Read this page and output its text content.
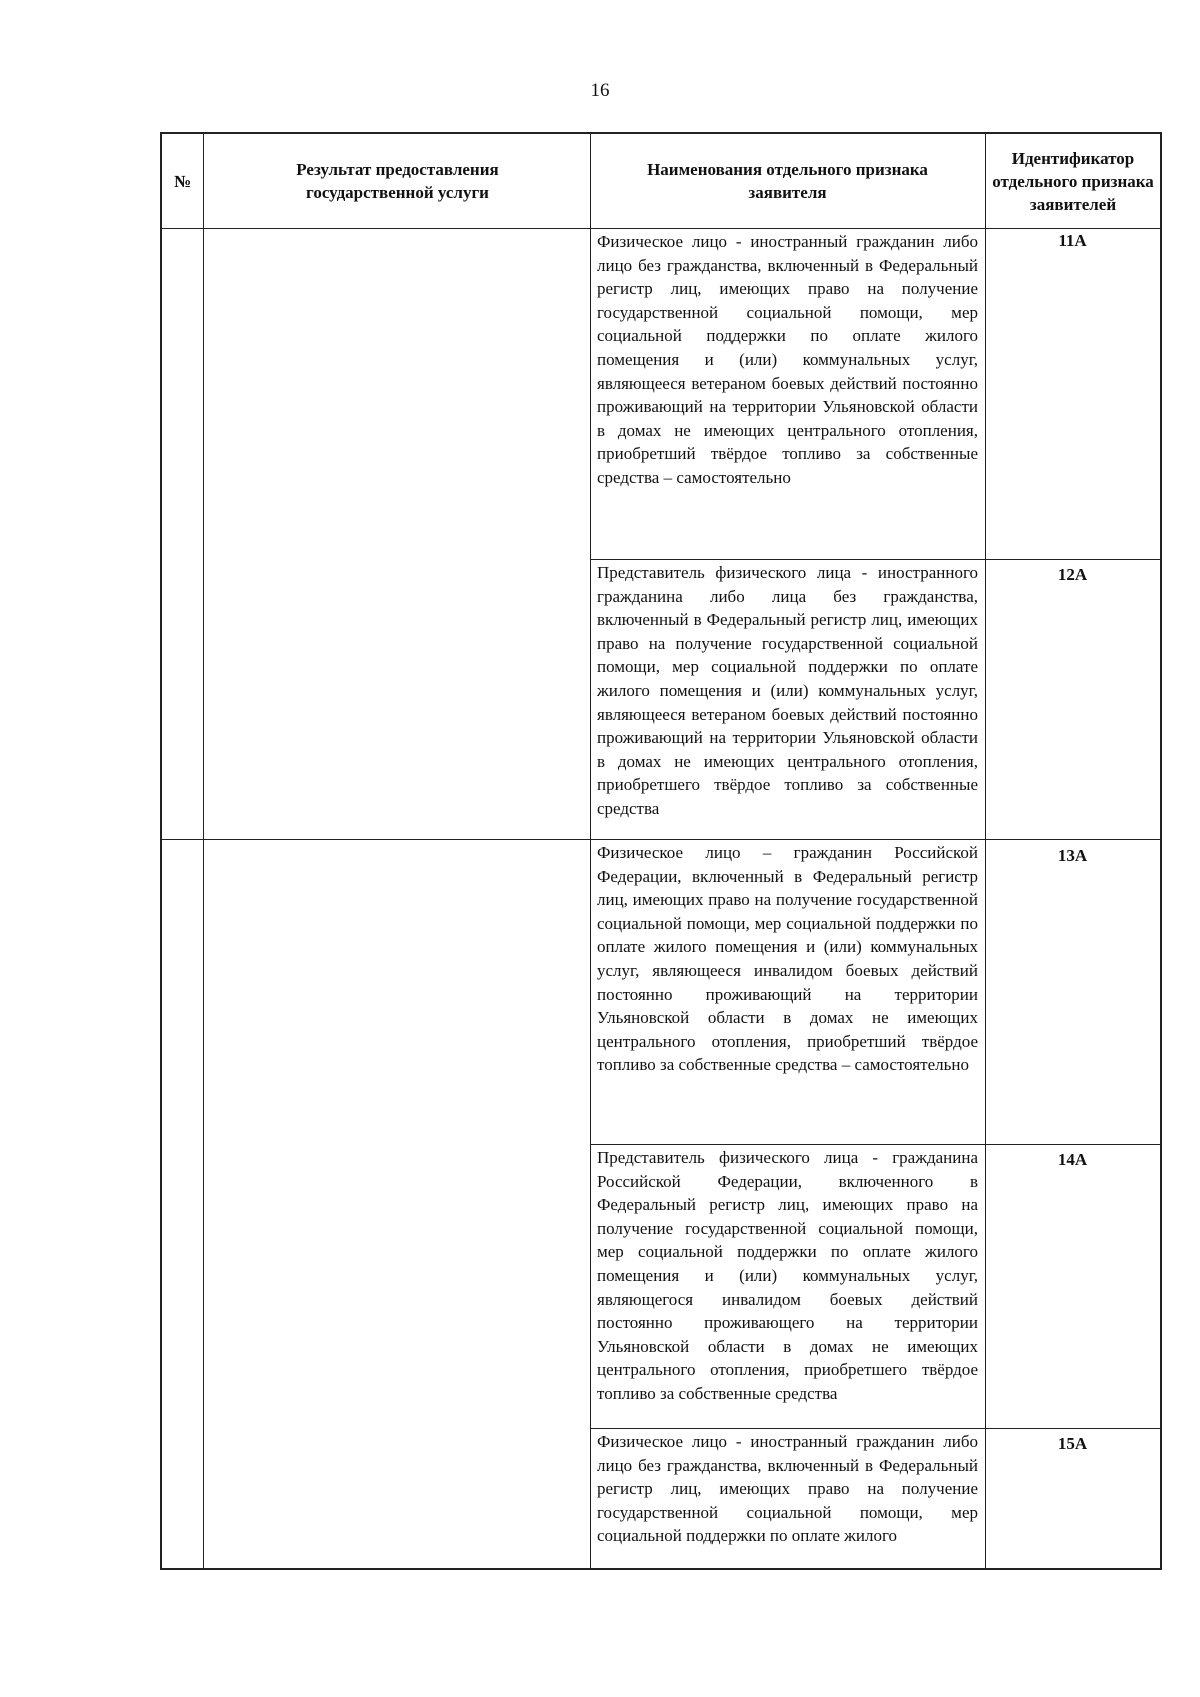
16
№
Результат предоставления государственной услуги
Наименования отдельного признака заявителя
Идентификатор отдельного признака заявителей
Физическое лицо - иностранный гражданин либо лицо без гражданства, включенный в Федеральный регистр лиц, имеющих право на получение государственной социальной помощи, мер социальной поддержки по оплате жилого помещения и (или) коммунальных услуг, являющееся ветераном боевых действий постоянно проживающий на территории Ульяновской области в домах не имеющих центрального отопления, приобретший твёрдое топливо за собственные средства – самостоятельно
11А
Представитель физического лица - иностранного гражданина либо лица без гражданства, включенный в Федеральный регистр лиц, имеющих право на получение государственной социальной помощи, мер социальной поддержки по оплате жилого помещения и (или) коммунальных услуг, являющееся ветераном боевых действий постоянно проживающий на территории Ульяновской области в домах не имеющих центрального отопления, приобретшего твёрдое топливо за собственные средства
12А
Физическое лицо – гражданин Российской Федерации, включенный в Федеральный регистр лиц, имеющих право на получение государственной социальной помощи, мер социальной поддержки по оплате жилого помещения и (или) коммунальных услуг, являющееся инвалидом боевых действий постоянно проживающий на территории Ульяновской области в домах не имеющих центрального отопления, приобретший твёрдое топливо за собственные средства – самостоятельно
13А
Представитель физического лица - гражданина Российской Федерации, включенного в Федеральный регистр лиц, имеющих право на получение государственной социальной помощи, мер социальной поддержки по оплате жилого помещения и (или) коммунальных услуг, являющегося инвалидом боевых действий постоянно проживающего на территории Ульяновской области в домах не имеющих центрального отопления, приобретшего твёрдое топливо за собственные средства
14А
Физическое лицо - иностранный гражданин либо лицо без гражданства, включенный в Федеральный регистр лиц, имеющих право на получение государственной социальной помощи, мер социальной поддержки по оплате жилого
15А
